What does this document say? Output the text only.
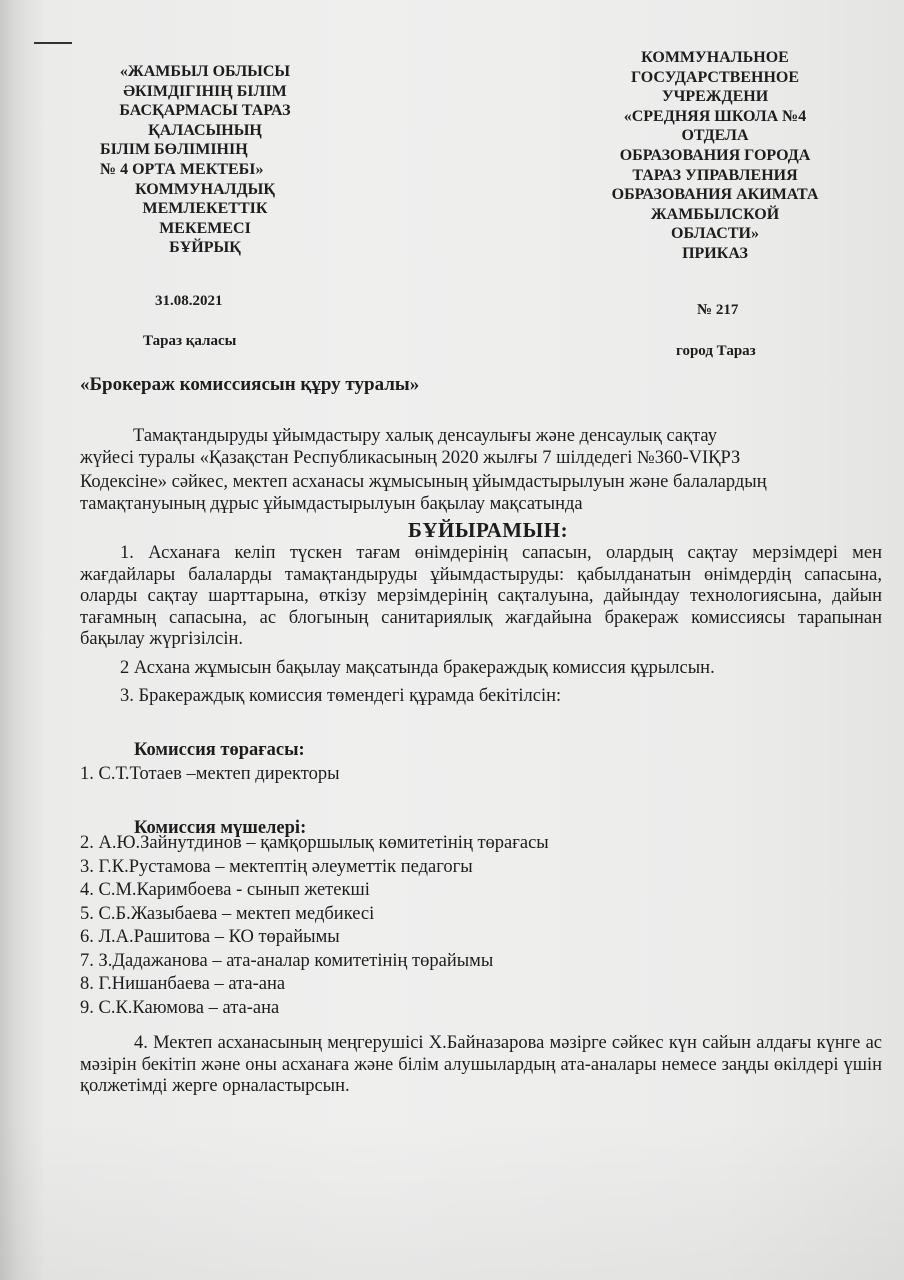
«ЖАМБЫЛ ОБЛЫСЫ
ӘКІМДІГІНІҢ БІЛІМ
БАСҚАРМАСЫ ТАРАЗ
ҚАЛАСЫНЫҢ
БІЛІМ БӨЛІМІНІҢ
№ 4 ОРТА МЕКТЕБІ»
КОММУНАЛДЫҚ
МЕМЛЕКЕТТІК
МЕКЕМЕСІ
БҰЙРЫҚ
31.08.2021
Тараз қаласы
КОММУНАЛЬНОЕ
ГОСУДАРСТВЕННОЕ
УЧРЕЖДЕНИ
«СРЕДНЯЯ ШКОЛА №4
ОТДЕЛА
ОБРАЗОВАНИЯ ГОРОДА
ТАРАЗ УПРАВЛЕНИЯ
ОБРАЗОВАНИЯ АКИМАТА
ЖАМБЫЛСКОЙ
ОБЛАСТИ»
ПРИКАЗ
№ 217
город Тараз
«Брокераж комиссиясын құру туралы»
Тамақтандыруды ұйымдастыру халық денсаулығы және денсаулық сақтау
жүйесі туралы «Қазақстан Республикасының 2020 жылғы 7 шілдедегі №360-VIҚРЗ
Кодексіне» сәйкес, мектеп асханасы жұмысының ұйымдастырылуын және балалардың
тамақтануының дұрыс ұйымдастырылуын бақылау мақсатында
БҰЙЫРАМЫН:
1. Асханаға келіп түскен тағам өнімдерінің сапасын, олардың сақтау мерзімдері мен жағдайлары балаларды тамақтандыруды ұйымдастыруды: қабылданатын өнімдердің сапасына, оларды сақтау шарттарына, өткізу мерзімдерінің сақталуына, дайындау технологиясына, дайын тағамның сапасына, ас блогының санитариялық жағдайына бракераж комиссиясы тарапынан бақылау жүргізілсін.
2 Асхана жұмысын бақылау мақсатында бракераждық комиссия құрылсын.
3. Бракераждық комиссия төмендегі құрамда бекітілсін:
Комиссия төрағасы:
1. С.Т.Тотаев –мектеп директоры
Комиссия мүшелері:
2. А.Ю.Зайнутдинов – қамқоршылық көмитетінің төрағасы
3. Г.К.Рустамова – мектептің әлеуметтік педагогы
4. С.М.Каримбоева - сынып жетекші
5. С.Б.Жазыбаева – мектеп медбикесі
6. Л.А.Рашитова – КО төрайымы
7. З.Дадажанова – ата-аналар комитетінің төрайымы
8. Г.Нишанбаева – ата-ана
9. С.К.Каюмова – ата-ана
4. Мектеп асханасының меңгерушісі Х.Байназарова мәзірге сәйкес күн сайын алдағы күнге ас мәзірін бекітіп және оны асханаға және білім алушылардың ата-аналары немесе заңды өкілдері үшін қолжетімді жерге орналастырсын.
